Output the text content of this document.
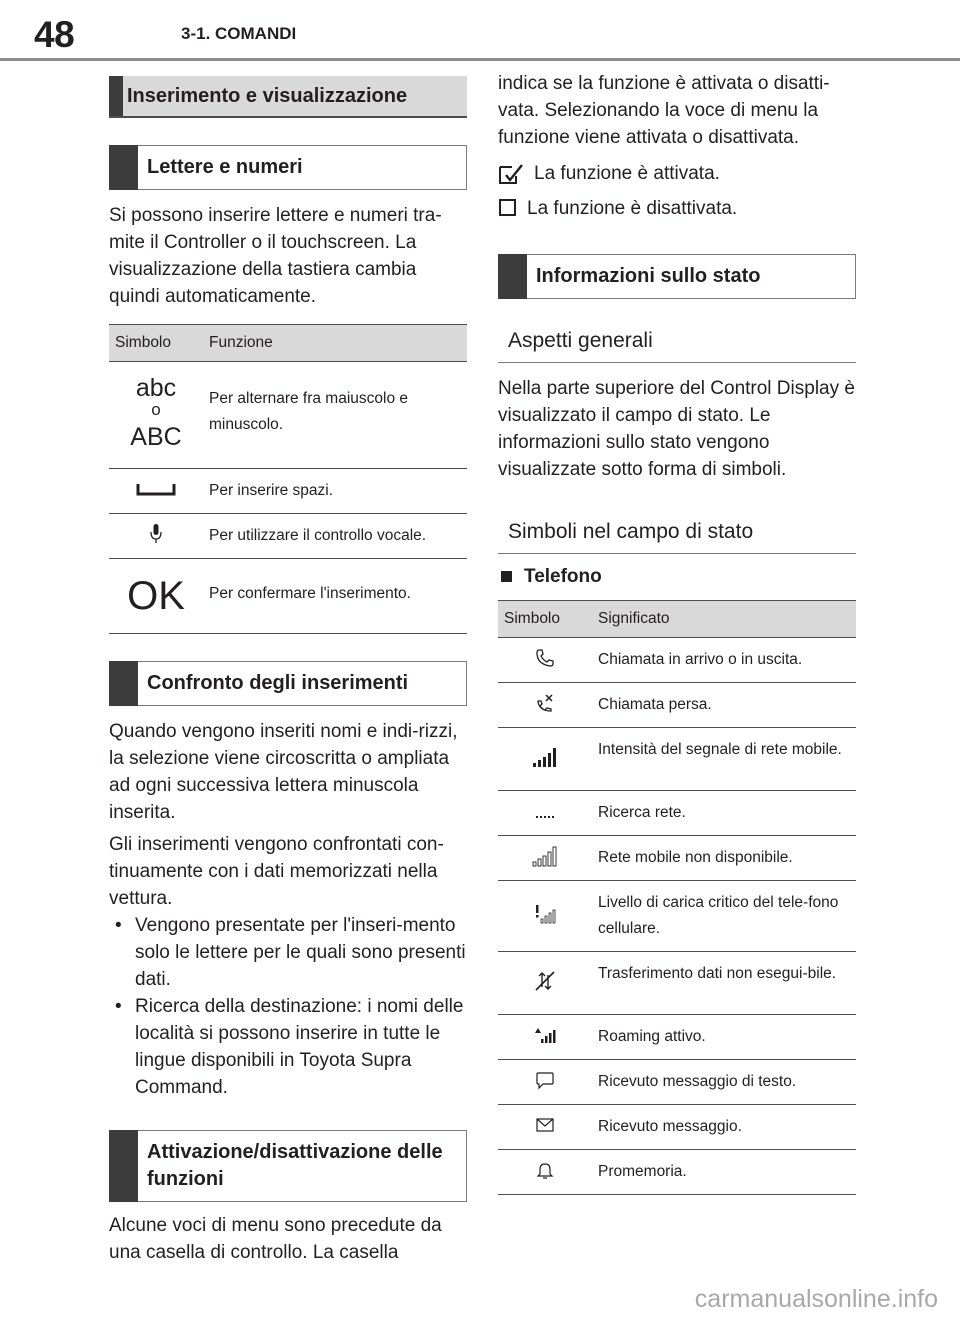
48	3-1. COMANDI
Inserimento e visualizzazione
Lettere e numeri

Si possono inserire lettere e numeri tra-mite il Controller o il touchscreen. La visualizzazione della tastiera cambia quindi automaticamente.

Simbolo	Funzione

abc
o
ABC	Per alternare fra maiuscolo e minuscolo.
	Per inserire spazi.
	Per utilizzare il controllo vocale.
OK	Per confermare l'inserimento.
Confronto degli inserimenti

Quando vengono inseriti nomi e indi-rizzi, la selezione viene circoscritta o ampliata ad ogni successiva lettera minuscola inserita.

Gli inserimenti vengono confrontati con-tinuamente con i dati memorizzati nella vettura.

• Vengono presentate per l'inseri-mento solo le lettere per le quali sono presenti dati.
• Ricerca della destinazione: i nomi delle località si possono inserire in tutte le lingue disponibili in Toyota Supra Command.
Attivazione/disattivazione delle funzioni

Alcune voci di menu sono precedute da una casella di controllo. La casella

indica se la funzione è attivata o disatti-vata. Selezionando la voce di menu la funzione viene attivata o disattivata.

La funzione è attivata.
La funzione è disattivata.
Informazioni sullo stato
Aspetti generali

Nella parte superiore del Control Display è visualizzato il campo di stato. Le informazioni sullo stato vengono visualizzate sotto forma di simboli.

Simboli nel campo di stato
Telefono
Simbolo	Significato
	Chiamata in arrivo o in uscita.
	Chiamata persa.
	Intensità del segnale di rete mobile.
	Ricerca rete.
	Rete mobile non disponibile.
	Livello di carica critico del tele-fono cellulare.
	Trasferimento dati non esegui-bile.
	Roaming attivo.
	Ricevuto messaggio di testo.
	Ricevuto messaggio.
	Promemoria.
carmanualsonline.info
